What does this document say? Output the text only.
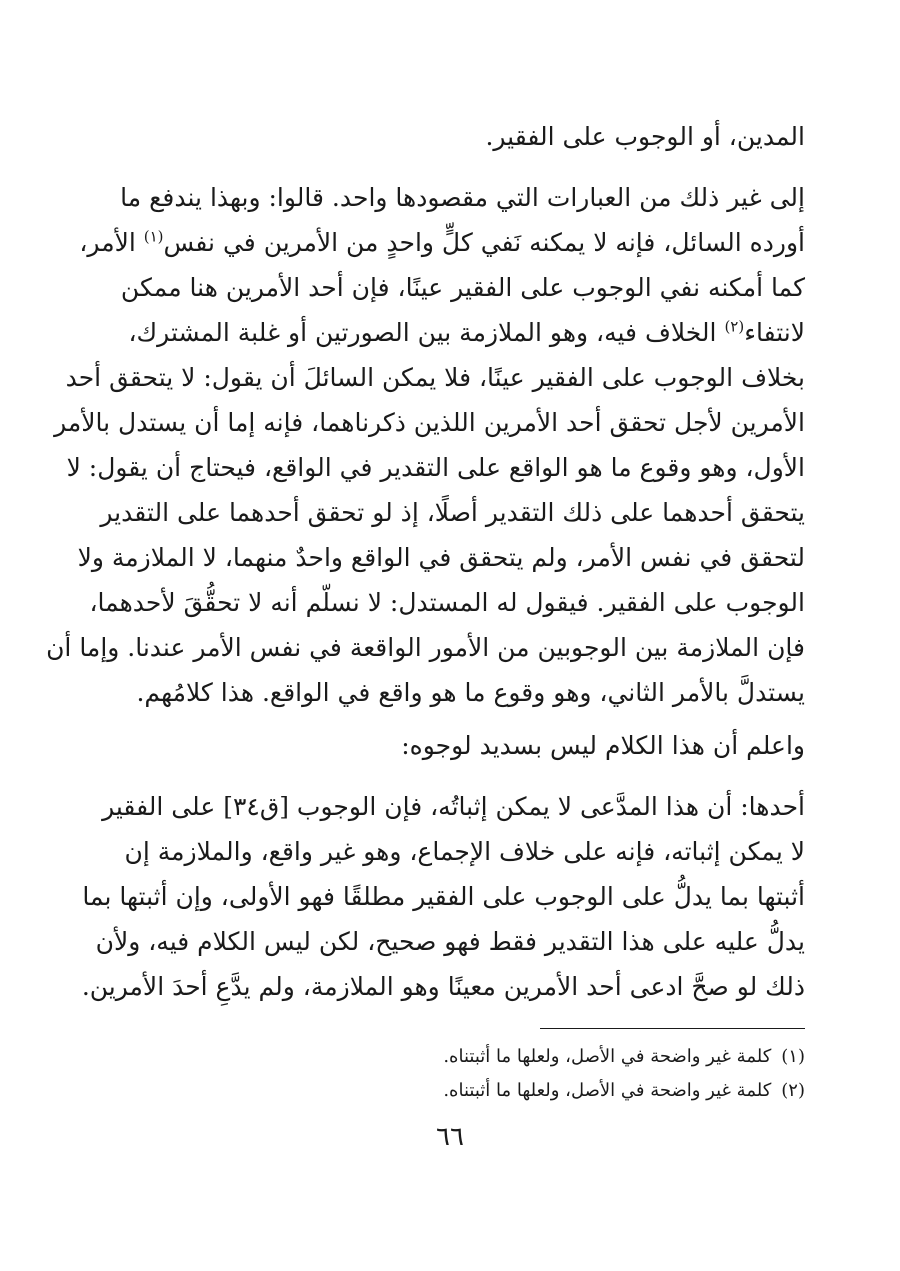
المدين، أو الوجوب على الفقير.
إلى غير ذلك من العبارات التي مقصودها واحد. قالوا: وبهذا يندفع ما
أورده السائل، فإنه لا يمكنه نَفي كلٍّ واحدٍ من الأمرين في نفس$^{(١)}$ الأمر،
كما أمكنه نفي الوجوب على الفقير عينًا، فإن أحد الأمرين هنا ممكن
لانتفاء$^{(٢)}$ الخلاف فيه، وهو الملازمة بين الصورتين أو غلبة المشترك،
بخلاف الوجوب على الفقير عينًا، فلا يمكن السائلَ أن يقول: لا يتحقق أحد
الأمرين لأجل تحقق أحد الأمرين اللذين ذكرناهما، فإنه إما أن يستدل بالأمر
الأول، وهو وقوع ما هو الواقع على التقدير في الواقع، فيحتاج أن يقول: لا
يتحقق أحدهما على ذلك التقدير أصلًا، إذ لو تحقق أحدهما على التقدير
لتحقق في نفس الأمر، ولم يتحقق في الواقع واحدٌ منهما، لا الملازمة ولا
الوجوب على الفقير. فيقول له المستدل: لا نسلّم أنه لا تحقُّقَ لأحدهما،
فإن الملازمة بين الوجوبين من الأمور الواقعة في نفس الأمر عندنا. وإما أن
يستدلَّ بالأمر الثاني، وهو وقوع ما هو واقع في الواقع. هذا كلامُهم.
واعلم أن هذا الكلام ليس بسديد لوجوه:
أحدها: أن هذا المدَّعى لا يمكن إثباتُه، فإن الوجوب [ق٣٤] على الفقير
لا يمكن إثباته، فإنه على خلاف الإجماع، وهو غير واقع، والملازمة إن
أثبتها بما يدلُّ على الوجوب على الفقير مطلقًا فهو الأولى، وإن أثبتها بما
يدلُّ عليه على هذا التقدير فقط فهو صحيح، لكن ليس الكلام فيه، ولأن
ذلك لو صحَّ ادعى أحد الأمرين معينًا وهو الملازمة، ولم يدَّعِ أحدَ الأمرين.
(١)كلمة غير واضحة في الأصل، ولعلها ما أثبتناه.
(٢)كلمة غير واضحة في الأصل، ولعلها ما أثبتناه.
٦٦
